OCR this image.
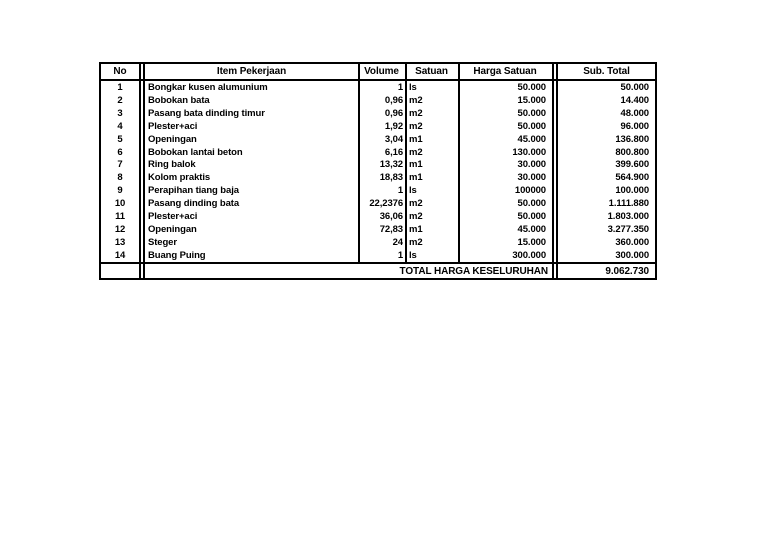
No	Item Pekerjaan	Volume	Satuan	Harga Satuan	Sub. Total
1	Bongkar kusen alumunium	1 ls	50.000	50.000
2	Bobokan bata	0,96 m2	15.000	14.400
3	Pasang bata dinding timur	0,96 m2	50.000	48.000
4	Plester+aci	1,92 m2	50.000	96.000
5	Openingan	3,04 m1	45.000	136.800
6	Bobokan lantai beton	6,16 m2	130.000	800.800
7	Ring balok	13,32 m1	30.000	399.600
8	Kolom praktis	18,83 m1	30.000	564.900
9	Perapihan tiang baja	1 ls	100000	100.000
10	Pasang dinding bata	22,2376 m2	50.000	1.111.880
11	Plester+aci	36,06 m2	50.000	1.803.000
12	Openingan	72,83 m1	45.000	3.277.350
13	Steger	24 m2	15.000	360.000
14	Buang Puing	1 ls	300.000	300.000
TOTAL HARGA KESELURUHAN	9.062.730
